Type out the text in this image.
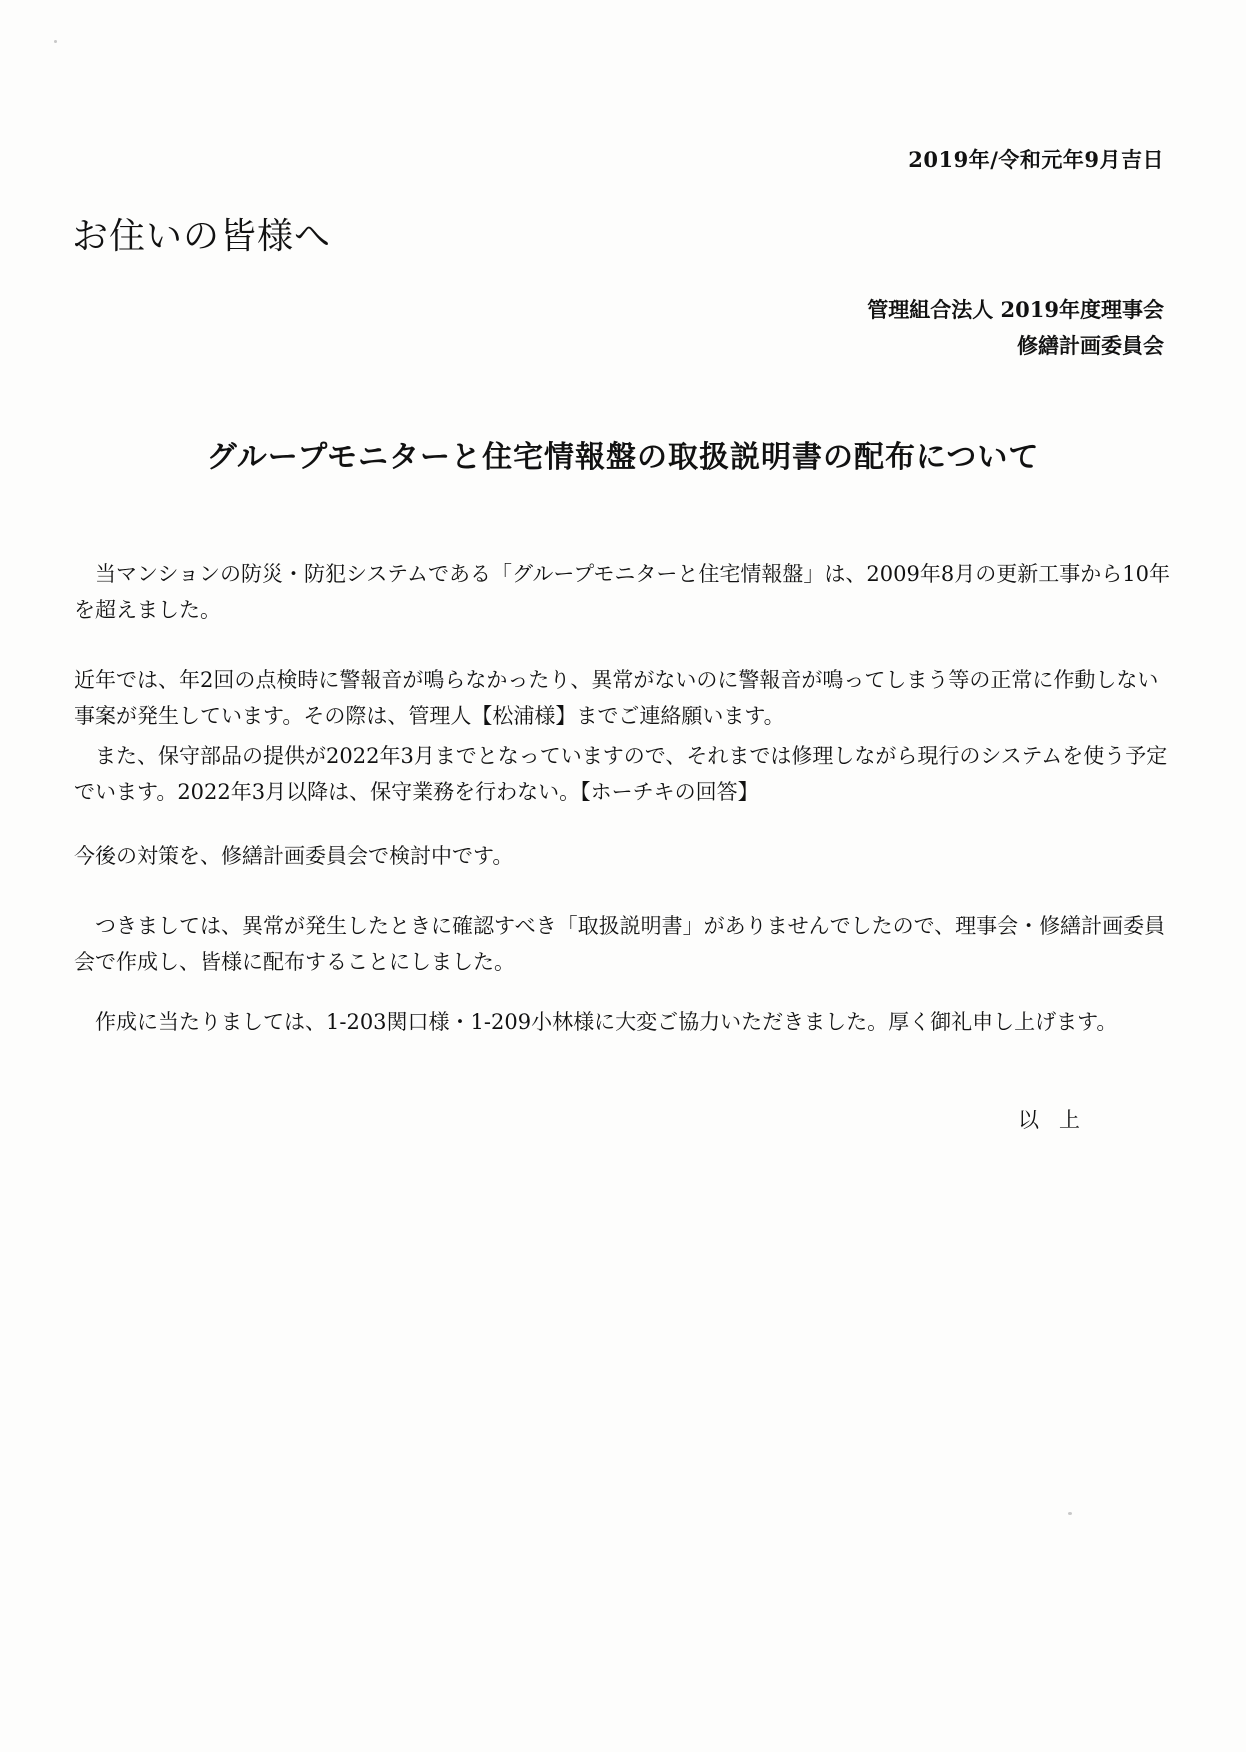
2019年/令和元年9月吉日
お住いの皆様へ
管理組合法人 2019年度理事会
修繕計画委員会
グループモニターと住宅情報盤の取扱説明書の配布について

当マンションの防災・防犯システムである「グループモニターと住宅情報盤」は、2009年8月の更新工事から10年を超えました。

近年では、年2回の点検時に警報音が鳴らなかったり、異常がないのに警報音が鳴ってしまう等の正常に作動しない事案が発生しています。その際は、管理人【松浦様】までご連絡願います。

また、保守部品の提供が2022年3月までとなっていますので、それまでは修理しながら現行のシステムを使う予定でいます。2022年3月以降は、保守業務を行わない。【ホーチキの回答】

今後の対策を、修繕計画委員会で検討中です。

つきましては、異常が発生したときに確認すべき「取扱説明書」がありませんでしたので、理事会・修繕計画委員会で作成し、皆様に配布することにしました。

作成に当たりましては、1-203関口様・1-209小林様に大変ご協力いただきました。厚く御礼申し上げます。

以上
